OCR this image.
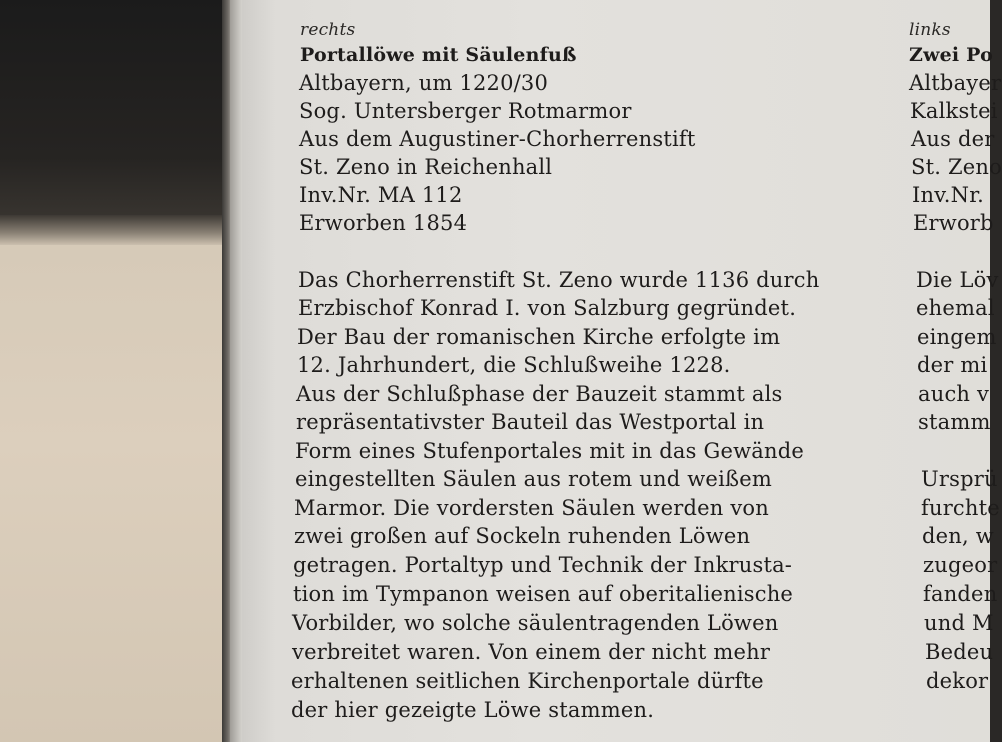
rechts
Portallöwe mit Säulenfuß
Altbayern, um 1220/30
Sog. Untersberger Rotmarmor
Aus dem Augustiner-Chorherrenstift
St. Zeno in Reichenhall
Inv.Nr. MA 112
Erworben 1854
Das Chorherrenstift St. Zeno wurde 1136 durch
Erzbischof Konrad I. von Salzburg gegründet.
Der Bau der romanischen Kirche erfolgte im
12. Jahrhundert, die Schlußweihe 1228.
Aus der Schlußphase der Bauzeit stammt als
repräsentativster Bauteil das Westportal in
Form eines Stufenportales mit in das Gewände
eingestellten Säulen aus rotem und weißem
Marmor. Die vordersten Säulen werden von
zwei großen auf Sockeln ruhenden Löwen
getragen. Portaltyp und Technik der Inkrusta-
tion im Tympanon weisen auf oberitalienische
Vorbilder, wo solche säulentragenden Löwen
verbreitet waren. Von einem der nicht mehr
erhaltenen seitlichen Kirchenportale dürfte
der hier gezeigte Löwe stammen.
links
Zwei Po
Altbayer
Kalkstei
Aus der
St. Zeno
Inv.Nr.
Erworb
Die Löv
ehemal
eingem
der mi
auch v
stamm
Ursprü
furchte
den, w
zugeor
fanden
und M
Bedeu
dekor
